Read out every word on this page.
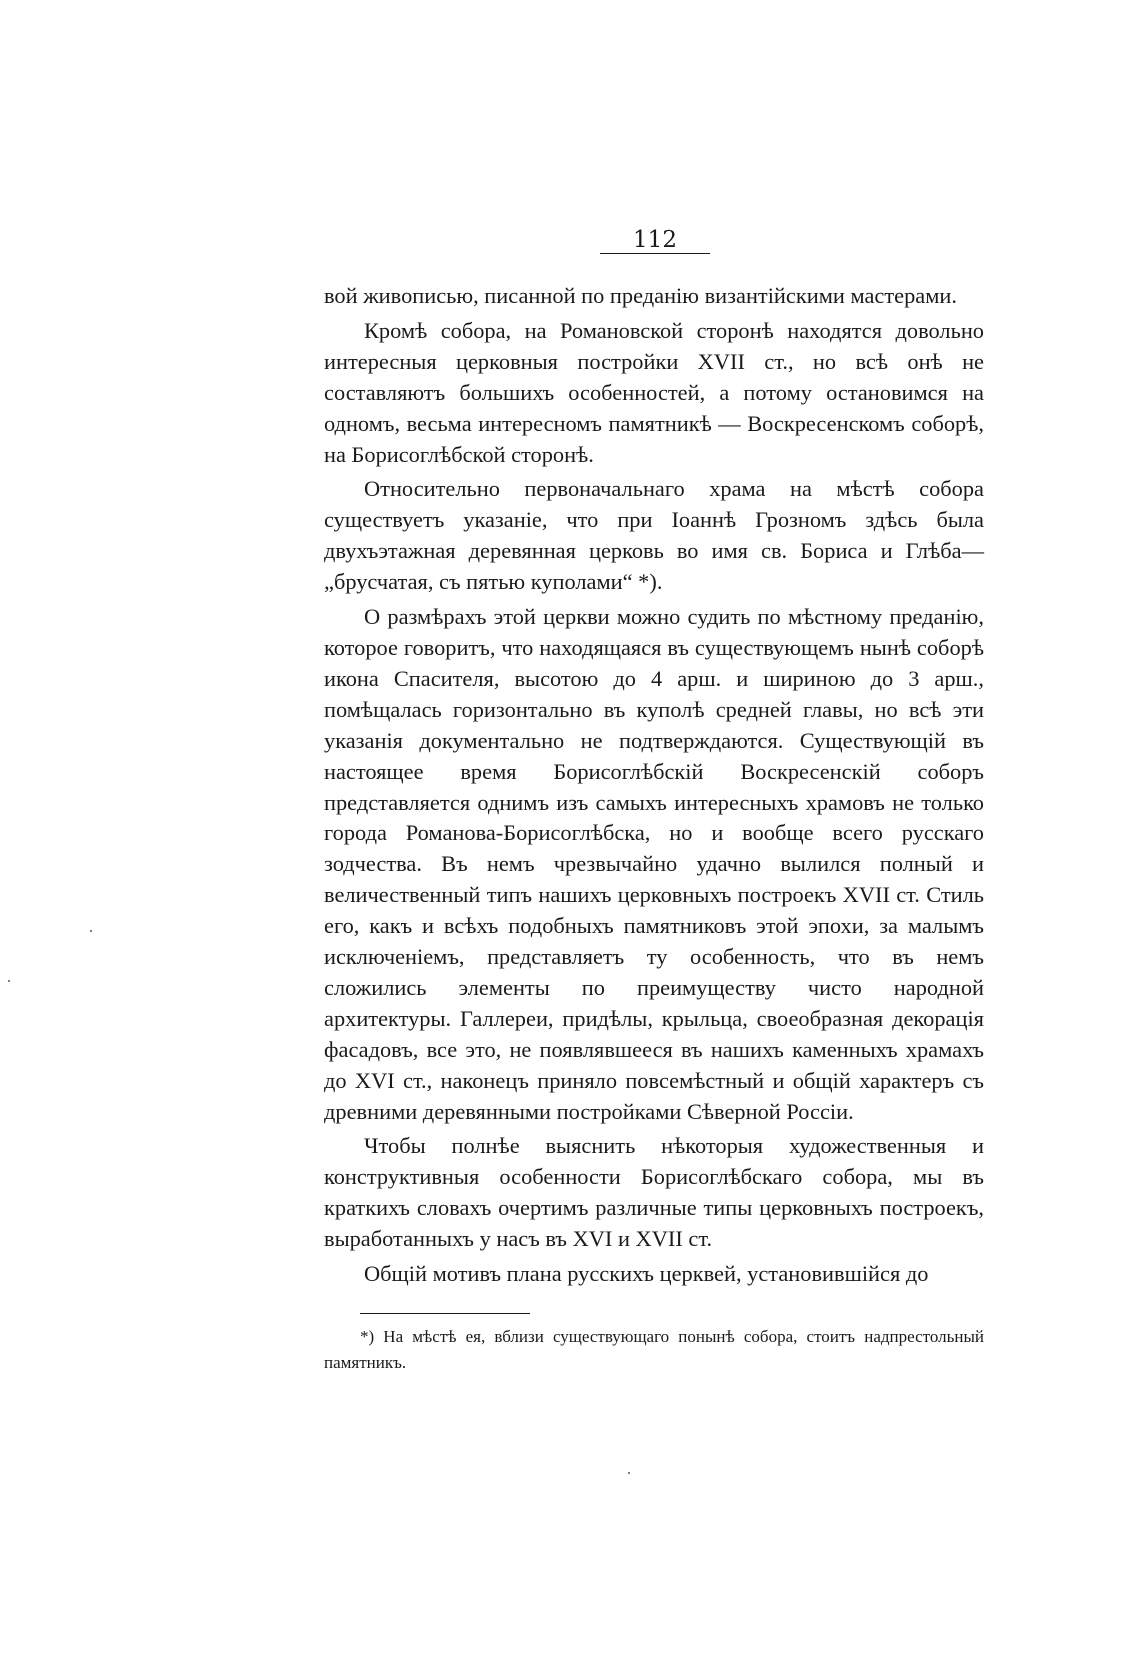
112

вой живописью, писанной по преданію византійскими мастерами.

Кромѣ собора, на Романовской сторонѣ находятся довольно интересныя церковныя постройки XVII ст., но всѣ онѣ не составляютъ большихъ особенностей, а потому остановимся на одномъ, весьма интересномъ памятникѣ — Воскресенскомъ соборѣ, на Борисоглѣбской сторонѣ.

Относительно первоначальнаго храма на мѣстѣ собора существуетъ указаніе, что при Іоаннѣ Грозномъ здѣсь была двухъэтажная деревянная церковь во имя св. Бориса и Глѣба— „брусчатая, съ пятью куполами“ *).

О размѣрахъ этой церкви можно судить по мѣстному преданію, которое говоритъ, что находящаяся въ существующемъ нынѣ соборѣ икона Спасителя, высотою до 4 арш. и шириною до 3 арш., помѣщалась горизонтально въ куполѣ средней главы, но всѣ эти указанія документально не подтверждаются. Существующій въ настоящее время Борисоглѣбскій Воскресенскій соборъ представляется однимъ изъ самыхъ интересныхъ храмовъ не только города Романова-Борисоглѣбска, но и вообще всего русскаго зодчества. Въ немъ чрезвычайно удачно вылился полный и величественный типъ нашихъ церковныхъ построекъ XVII ст. Стиль его, какъ и всѣхъ подобныхъ памятниковъ этой эпохи, за малымъ исключеніемъ, представляетъ ту особенность, что въ немъ сложились элементы по преимуществу чисто народной архитектуры. Галлереи, придѣлы, крыльца, своеобразная декорація фасадовъ, все это, не появлявшееся въ нашихъ каменныхъ храмахъ до XVI ст., наконецъ приняло повсемѣстный и общій характеръ съ древними деревянными постройками Сѣверной Россіи.

Чтобы полнѣе выяснить нѣкоторыя художественныя и конструктивныя особенности Борисоглѣбскаго собора, мы въ краткихъ словахъ очертимъ различные типы церковныхъ построекъ, выработанныхъ у насъ въ XVI и XVII ст.

Общій мотивъ плана русскихъ церквей, установившійся до

*) На мѣстѣ ея, вблизи существующаго понынѣ собора, стоитъ надпрестольный памятникъ.
